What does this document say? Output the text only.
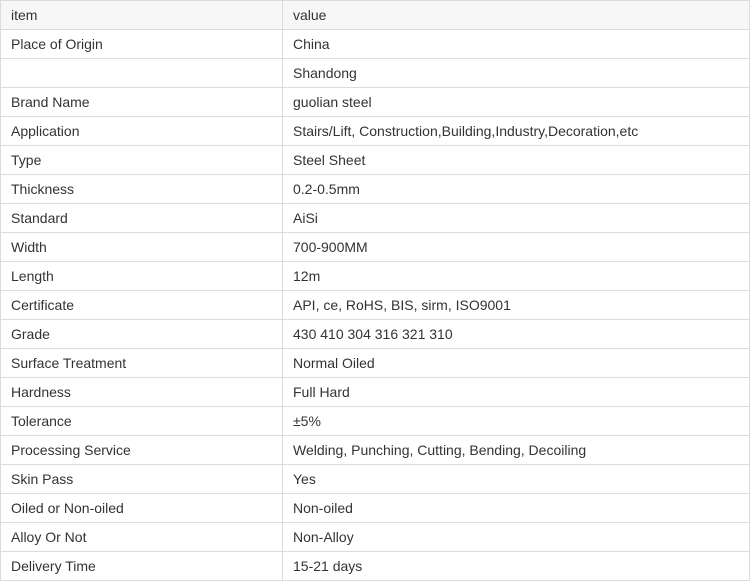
item	value
Place of Origin	China
	Shandong
Brand Name	guolian steel
Application	Stairs/Lift, Construction,Building,Industry,Decoration,etc
Type	Steel Sheet
Thickness	0.2-0.5mm
Standard	AiSi
Width	700-900MM
Length	12m
Certificate	API, ce, RoHS, BIS, sirm, ISO9001
Grade	430 410 304 316 321 310
Surface Treatment	Normal Oiled
Hardness	Full Hard
Tolerance	±5%
Processing Service	Welding, Punching, Cutting, Bending, Decoiling
Skin Pass	Yes
Oiled or Non-oiled	Non-oiled
Alloy Or Not	Non-Alloy
Delivery Time	15-21 days
